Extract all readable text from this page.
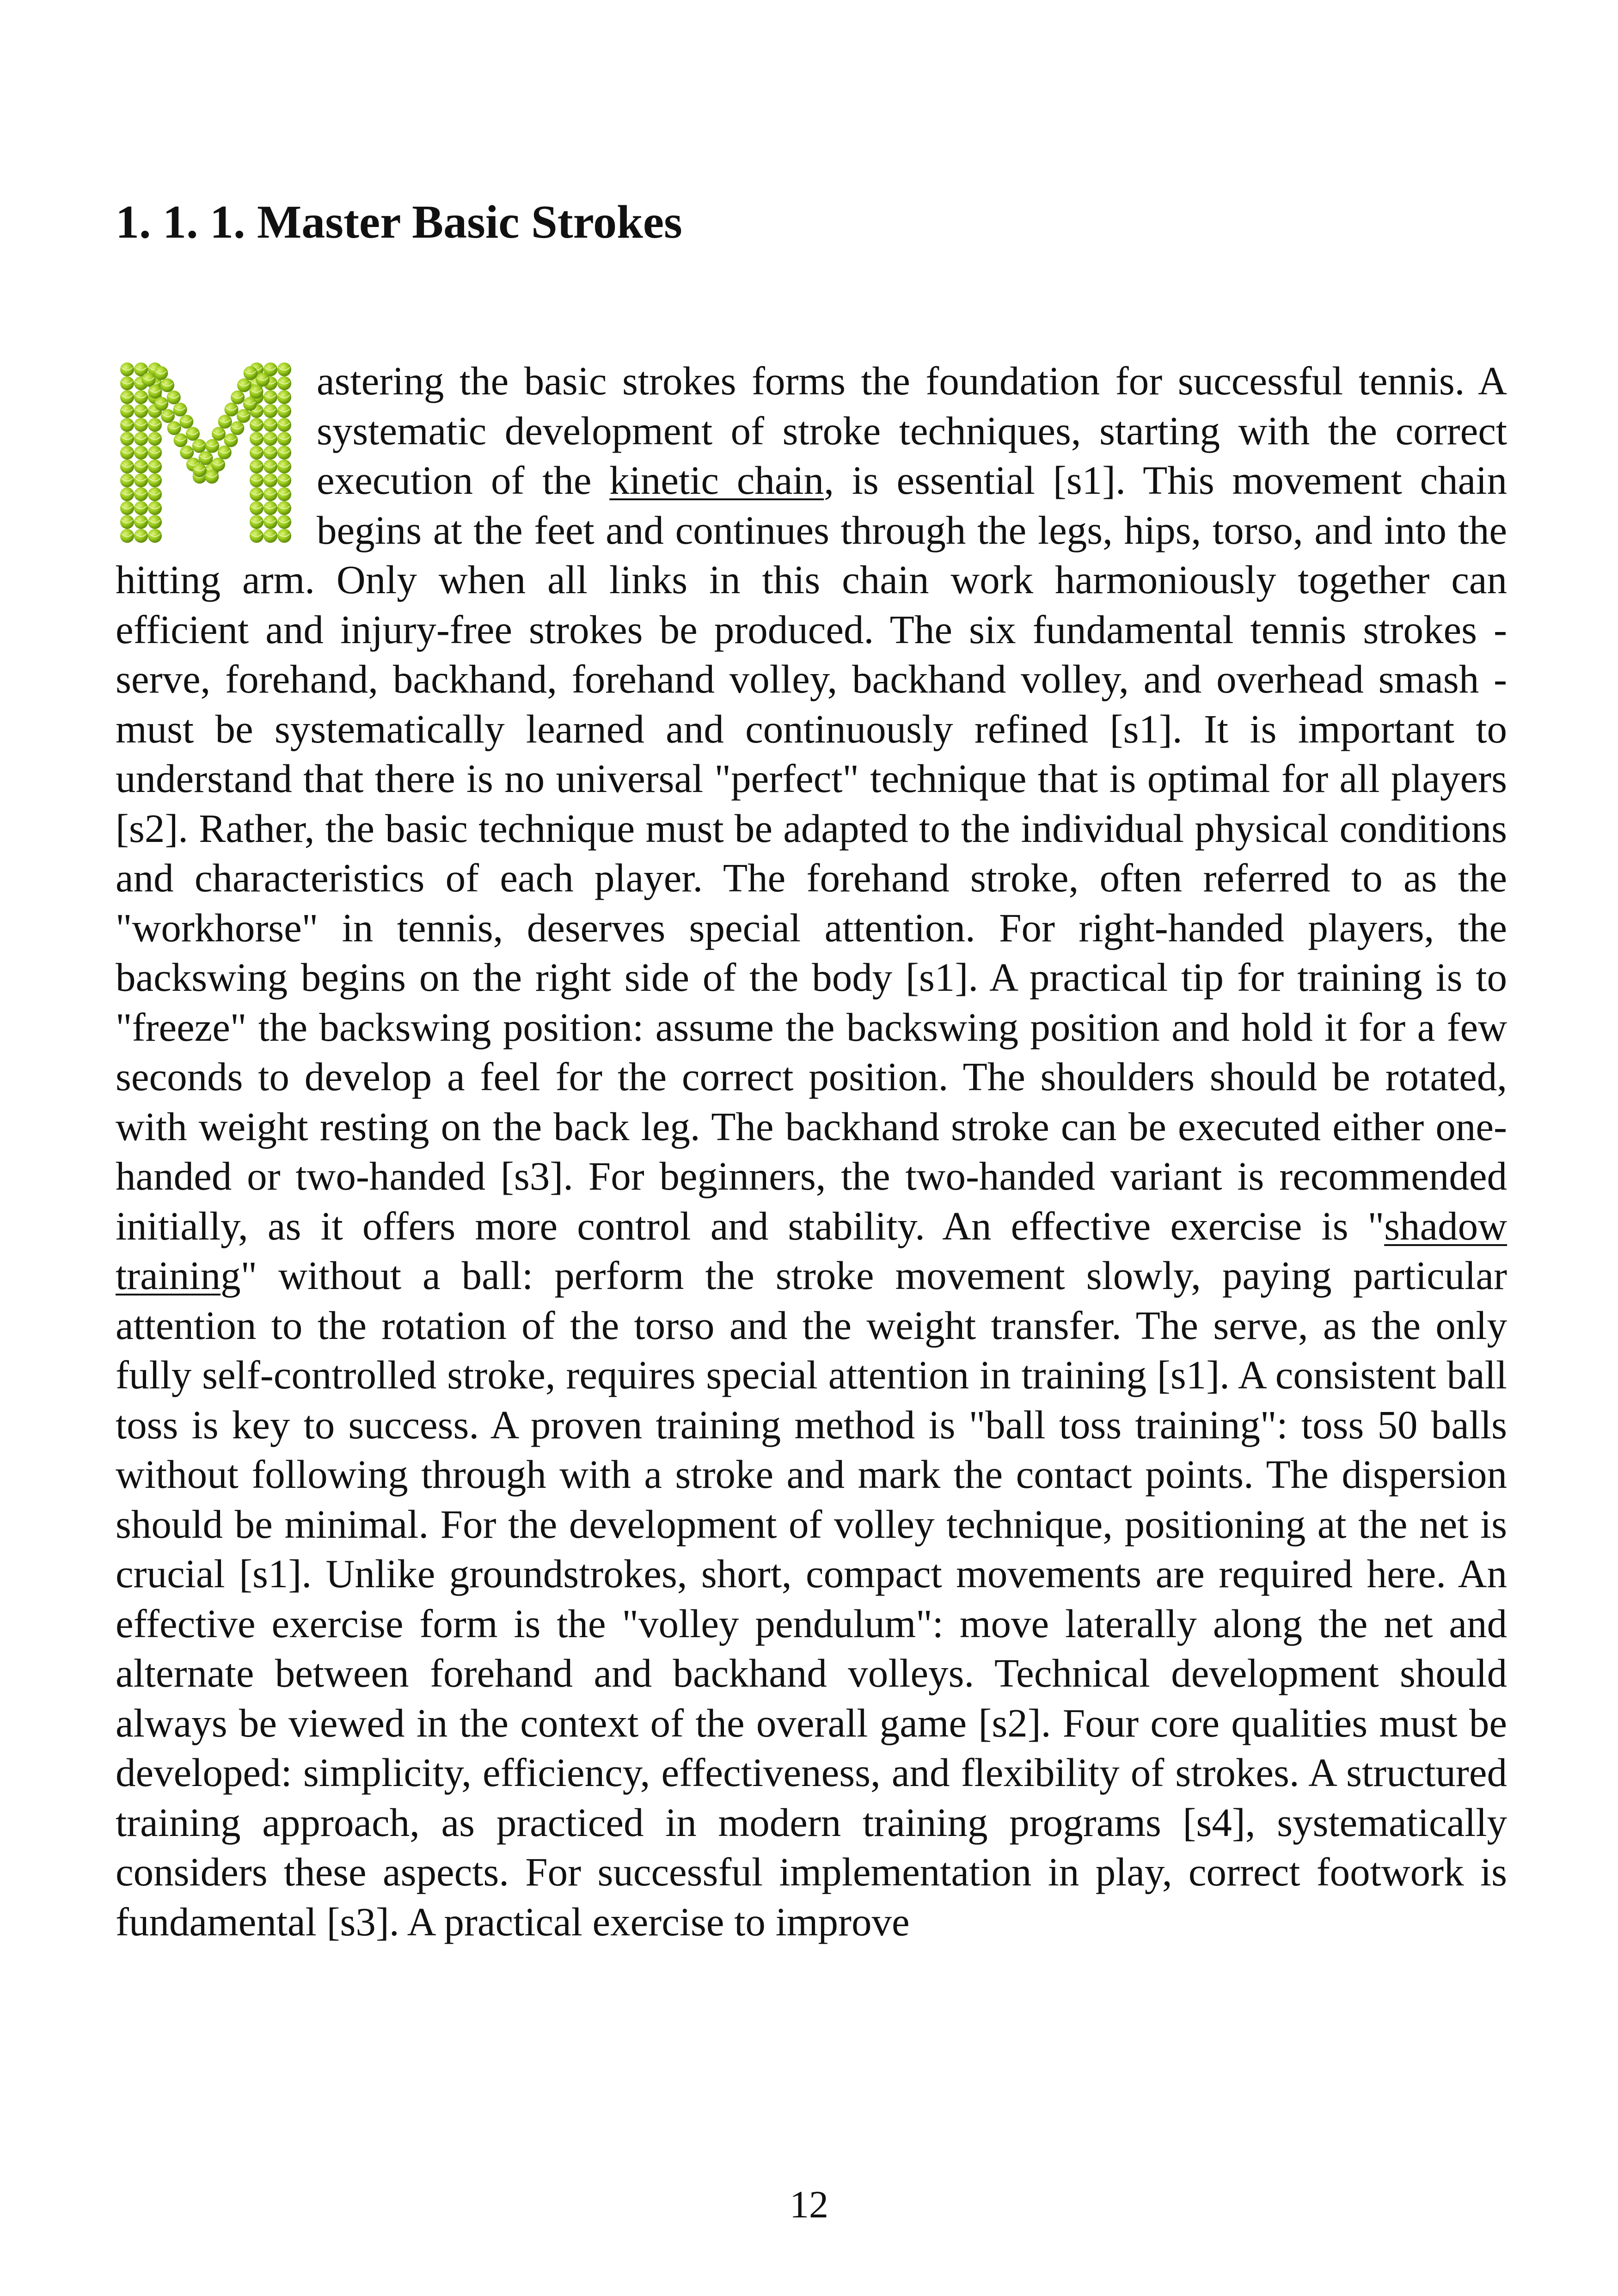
1. 1. 1. Master Basic Strokes
astering the basic strokes forms the foundation for successful tennis. A systematic development of stroke techniques, starting with the correct execution of the kinetic chain, is essential [s1]. This movement chain begins at the feet and continues through the legs, hips, torso, and into the hitting arm. Only when all links in this chain work harmoniously together can efficient and injury-free strokes be produced. The six fundamental tennis strokes - serve, forehand, backhand, forehand volley, backhand volley, and overhead smash - must be systematically learned and continuously refined [s1]. It is important to understand that there is no universal "perfect" technique that is optimal for all players [s2]. Rather, the basic technique must be adapted to the individual physical conditions and characteristics of each player. The forehand stroke, often referred to as the "workhorse" in tennis, deserves special attention. For right-handed players, the backswing begins on the right side of the body [s1]. A practical tip for training is to "freeze" the backswing position: assume the backswing position and hold it for a few seconds to develop a feel for the correct position. The shoulders should be rotated, with weight resting on the back leg. The backhand stroke can be executed either one-handed or two-handed [s3]. For beginners, the two-handed variant is recommended initially, as it offers more control and stability. An effective exercise is "shadow training" without a ball: perform the stroke movement slowly, paying particular attention to the rotation of the torso and the weight transfer. The serve, as the only fully self-controlled stroke, requires special attention in training [s1]. A consistent ball toss is key to success. A proven training method is "ball toss training": toss 50 balls without following through with a stroke and mark the contact points. The dispersion should be minimal. For the development of volley technique, positioning at the net is crucial [s1]. Unlike groundstrokes, short, compact movements are required here. An effective exercise form is the "volley pendulum": move laterally along the net and alternate between forehand and backhand volleys. Technical development should always be viewed in the context of the overall game [s2]. Four core qualities must be developed: simplicity, efficiency, effectiveness, and flexibility of strokes. A structured training approach, as practiced in modern training programs [s4], systematically considers these aspects. For successful implementation in play, correct footwork is fundamental [s3]. A practical exercise to improve
12
